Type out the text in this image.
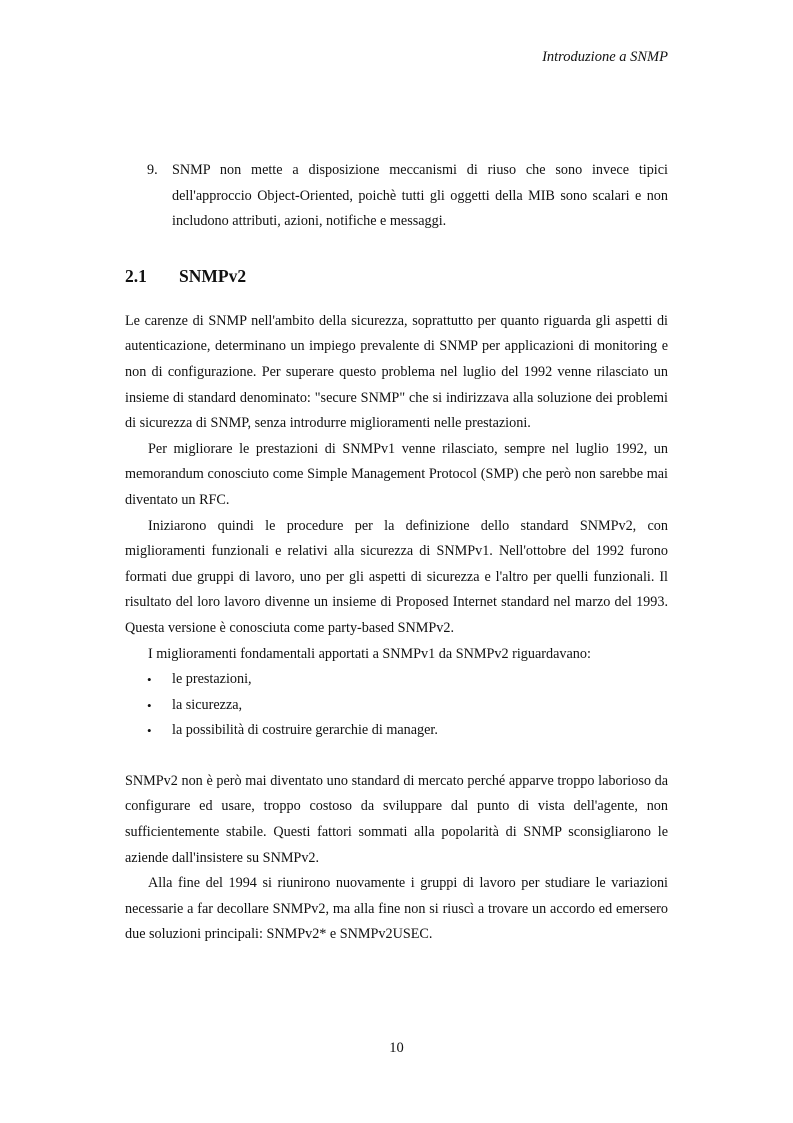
Introduzione a SNMP
9.	SNMP non mette a disposizione meccanismi di riuso che sono invece tipici dell'approccio Object-Oriented, poichè tutti gli oggetti della MIB sono scalari e non includono attributi, azioni, notifiche e messaggi.
2.1	SNMPv2

Le carenze di SNMP nell'ambito della sicurezza, soprattutto per quanto riguarda gli aspetti di autenticazione, determinano un impiego prevalente di SNMP per applicazioni di monitoring e non di configurazione. Per superare questo problema nel luglio del 1992 venne rilasciato un insieme di standard denominato: "secure SNMP" che si indirizzava alla soluzione dei problemi di sicurezza di SNMP, senza introdurre miglioramenti nelle prestazioni.

Per migliorare le prestazioni di SNMPv1 venne rilasciato, sempre nel luglio 1992, un memorandum conosciuto come Simple Management Protocol (SMP) che però non sarebbe mai diventato un RFC.

Iniziarono quindi le procedure per la definizione dello standard SNMPv2, con miglioramenti funzionali e relativi alla sicurezza di SNMPv1. Nell'ottobre del 1992 furono formati due gruppi di lavoro, uno per gli aspetti di sicurezza e l'altro per quelli funzionali. Il risultato del loro lavoro divenne un insieme di Proposed Internet standard nel marzo del 1993. Questa versione è conosciuta come party-based SNMPv2.

I miglioramenti fondamentali apportati a SNMPv1 da SNMPv2 riguardavano:

•	le prestazioni,
•	la sicurezza,
•	la possibilità di costruire gerarchie di manager.

SNMPv2 non è però mai diventato uno standard di mercato perché apparve troppo laborioso da configurare ed usare, troppo costoso da sviluppare dal punto di vista dell'agente, non sufficientemente stabile. Questi fattori sommati alla popolarità di SNMP sconsigliarono le aziende dall'insistere su SNMPv2.

Alla fine del 1994 si riunirono nuovamente i gruppi di lavoro per studiare le variazioni necessarie a far decollare SNMPv2, ma alla fine non si riuscì a trovare un accordo ed emersero due soluzioni principali: SNMPv2* e SNMPv2USEC.

10
